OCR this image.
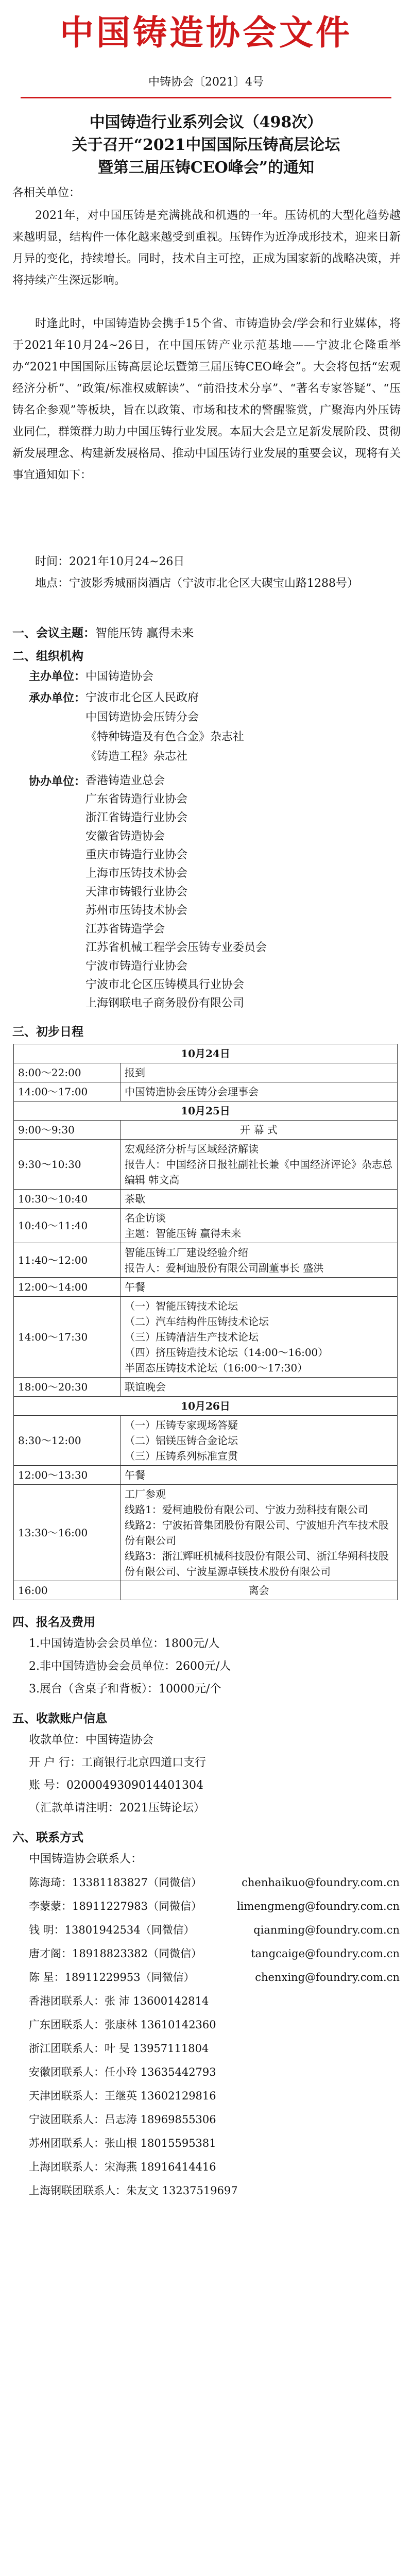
中国铸造协会文件
中铸协会〔2021〕4号
中国铸造行业系列会议（498次）
关于召开“2021中国国际压铸高层论坛
暨第三届压铸CEO峰会”的通知
各相关单位：
2021年，对中国压铸是充满挑战和机遇的一年。压铸机的大型化趋势越来越明显，结构件一体化越来越受到重视。压铸作为近净成形技术，迎来日新月异的变化，持续增长。同时，技术自主可控，正成为国家新的战略决策，并将持续产生深远影响。
时逢此时，中国铸造协会携手15个省、市铸造协会/学会和行业媒体，将于2021年10月24~26日，在中国压铸产业示范基地——宁波北仑隆重举办“2021中国国际压铸高层论坛暨第三届压铸CEO峰会”。大会将包括“宏观经济分析”、“政策/标准权威解读”、“前沿技术分享”、“著名专家答疑”、“压铸名企参观”等板块，旨在以政策、市场和技术的警醒鉴赏，广聚海内外压铸业同仁，群策群力助力中国压铸行业发展。本届大会是立足新发展阶段、贯彻新发展理念、构建新发展格局、推动中国压铸行业发展的重要会议，现将有关事宜通知如下：
时间：2021年10月24~26日
地点：宁波影秀城丽岗酒店（宁波市北仑区大碶宝山路1288号）
一、会议主题：智能压铸 赢得未来
二、组织机构
主办单位：中国铸造协会
承办单位： 宁波市北仑区人民政府
中国铸造协会压铸分会
《特种铸造及有色合金》杂志社
《铸造工程》杂志社
协办单位： 香港铸造业总会
广东省铸造行业协会
浙江省铸造行业协会
安徽省铸造协会
重庆市铸造行业协会
上海市压铸技术协会
天津市铸锻行业协会
苏州市压铸技术协会
江苏省铸造学会
江苏省机械工程学会压铸专业委员会
宁波市铸造行业协会
宁波市北仑区压铸模具行业协会
上海钢联电子商务股份有限公司
三、初步日程
10月24日	
8:00～22:00	报到

14:00～17:00	中国铸造协会压铸分会理事会

10月25日	
9:00～9:30	开 幕 式

9:30～10:30	宏观经济分析与区域经济解读
报告人：中国经济日报社副社长兼《中国经济评论》杂志总编辑 韩文高

10:30～10:40	茶歇

10:40～11:40	名企访谈
主题：智能压铸 赢得未来

11:40～12:00	智能压铸工厂建设经验介绍
报告人：爱柯迪股份有限公司副董事长 盛洪

12:00～14:00	午餐

14:00～17:30	（一）智能压铸技术论坛
（二）汽车结构件压铸技术论坛
（三）压铸清洁生产技术论坛
（四）挤压铸造技术论坛（14:00～16:00）
半固态压铸技术论坛（16:00～17:30）

18:00～20:30	联谊晚会

10月26日	
8:30～12:00	（一）压铸专家现场答疑
（二）铝镁压铸合金论坛
（三）压铸系列标准宣贯

12:00～13:30	午餐

13:30～16:00	工厂参观
线路1：爱柯迪股份有限公司、宁波力劲科技有限公司
线路2：宁波拓普集团股份有限公司、宁波旭升汽车技术股份有限公司
线路3：浙江辉旺机械科技股份有限公司、浙江华朔科技股份有限公司、宁波星源卓镁技术股份有限公司

16:00	离会
四、报名及费用
1.中国铸造协会会员单位：1800元/人
2.非中国铸造协会会员单位：2600元/人
3.展台（含桌子和背板）：10000元/个
五、收款账户信息
收款单位：中国铸造协会
开 户 行：工商银行北京四道口支行
账 号：0200049309014401304
（汇款单请注明：2021压铸论坛）
六、联系方式
中国铸造协会联系人：
陈海琦：13381183827（同微信）	chenhaikuo@foundry.com.cn
李蒙蒙：18911227983（同微信）	limengmeng@foundry.com.cn
钱 明：13801942534（同微信）	qianming@foundry.com.cn
唐才阁：18918823382（同微信）	tangcaige@foundry.com.cn
陈 星：18911229953（同微信）	chenxing@foundry.com.cn
香港团联系人：张 沛 13600142814
广东团联系人：张康林 13610142360
浙江团联系人：叶 旻 13957111804
安徽团联系人：任小玲 13635442793
天津团联系人：王继英 13602129816
宁波团联系人：吕志涛 18969855306
苏州团联系人：张山根 18015595381
上海团联系人：宋海燕 18916414416
上海钢联团联系人：朱友文 13237519697
